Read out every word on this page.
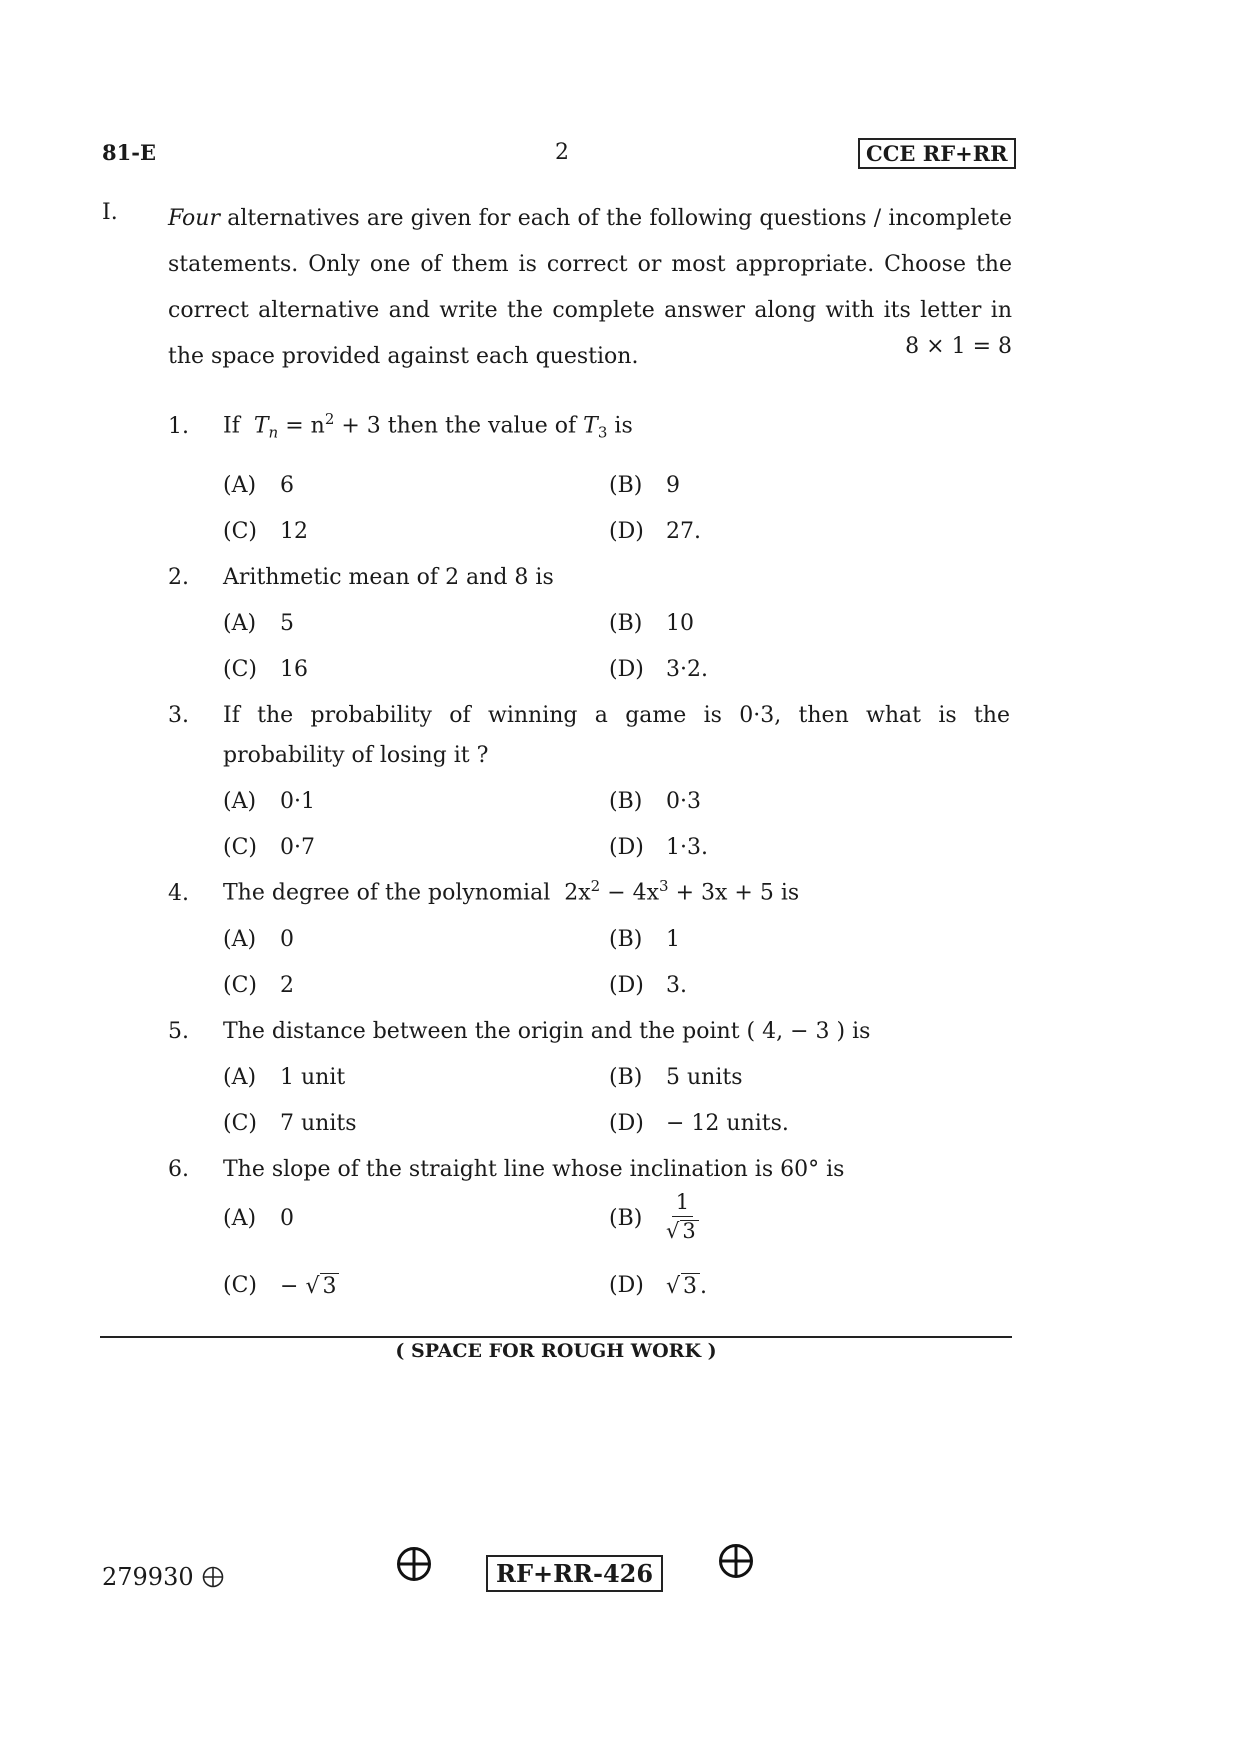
81-E	2	CCE RF+RR
I. Four alternatives are given for each of the following questions / incomplete
statements. Only one of them is correct or most appropriate. Choose the
correct alternative and write the complete answer along with its letter in
the space provided against each question.	8 × 1 = 8
1. If $T_n = n^2 + 3$ then the value of $T_3$ is
(A) 6	(B) 9
(C) 12	(D) 27.
2. Arithmetic mean of 2 and 8 is
(A) 5	(B) 10
(C) 16	(D) 3·2.
3. If the probability of winning a game is 0·3, then what is the
probability of losing it ?
(A) 0·1	(B) 0·3
(C) 0·7	(D) 1·3.
4. The degree of the polynomial $2x^2 - 4x^3 + 3x + 5$ is
(A) 0	(B) 1
(C) 2	(D) 3.
5. The distance between the origin and the point ( 4, − 3 ) is
(A) 1 unit	(B) 5 units
(C) 7 units	(D) − 12 units.
6. The slope of the straight line whose inclination is 60° is
(A) 0	$(B) \frac{1}{√ 3}$
(C) − √ 3	(D) √ 3 .
( SPACE FOR ROUGH WORK )
279930	RF+RR-426
